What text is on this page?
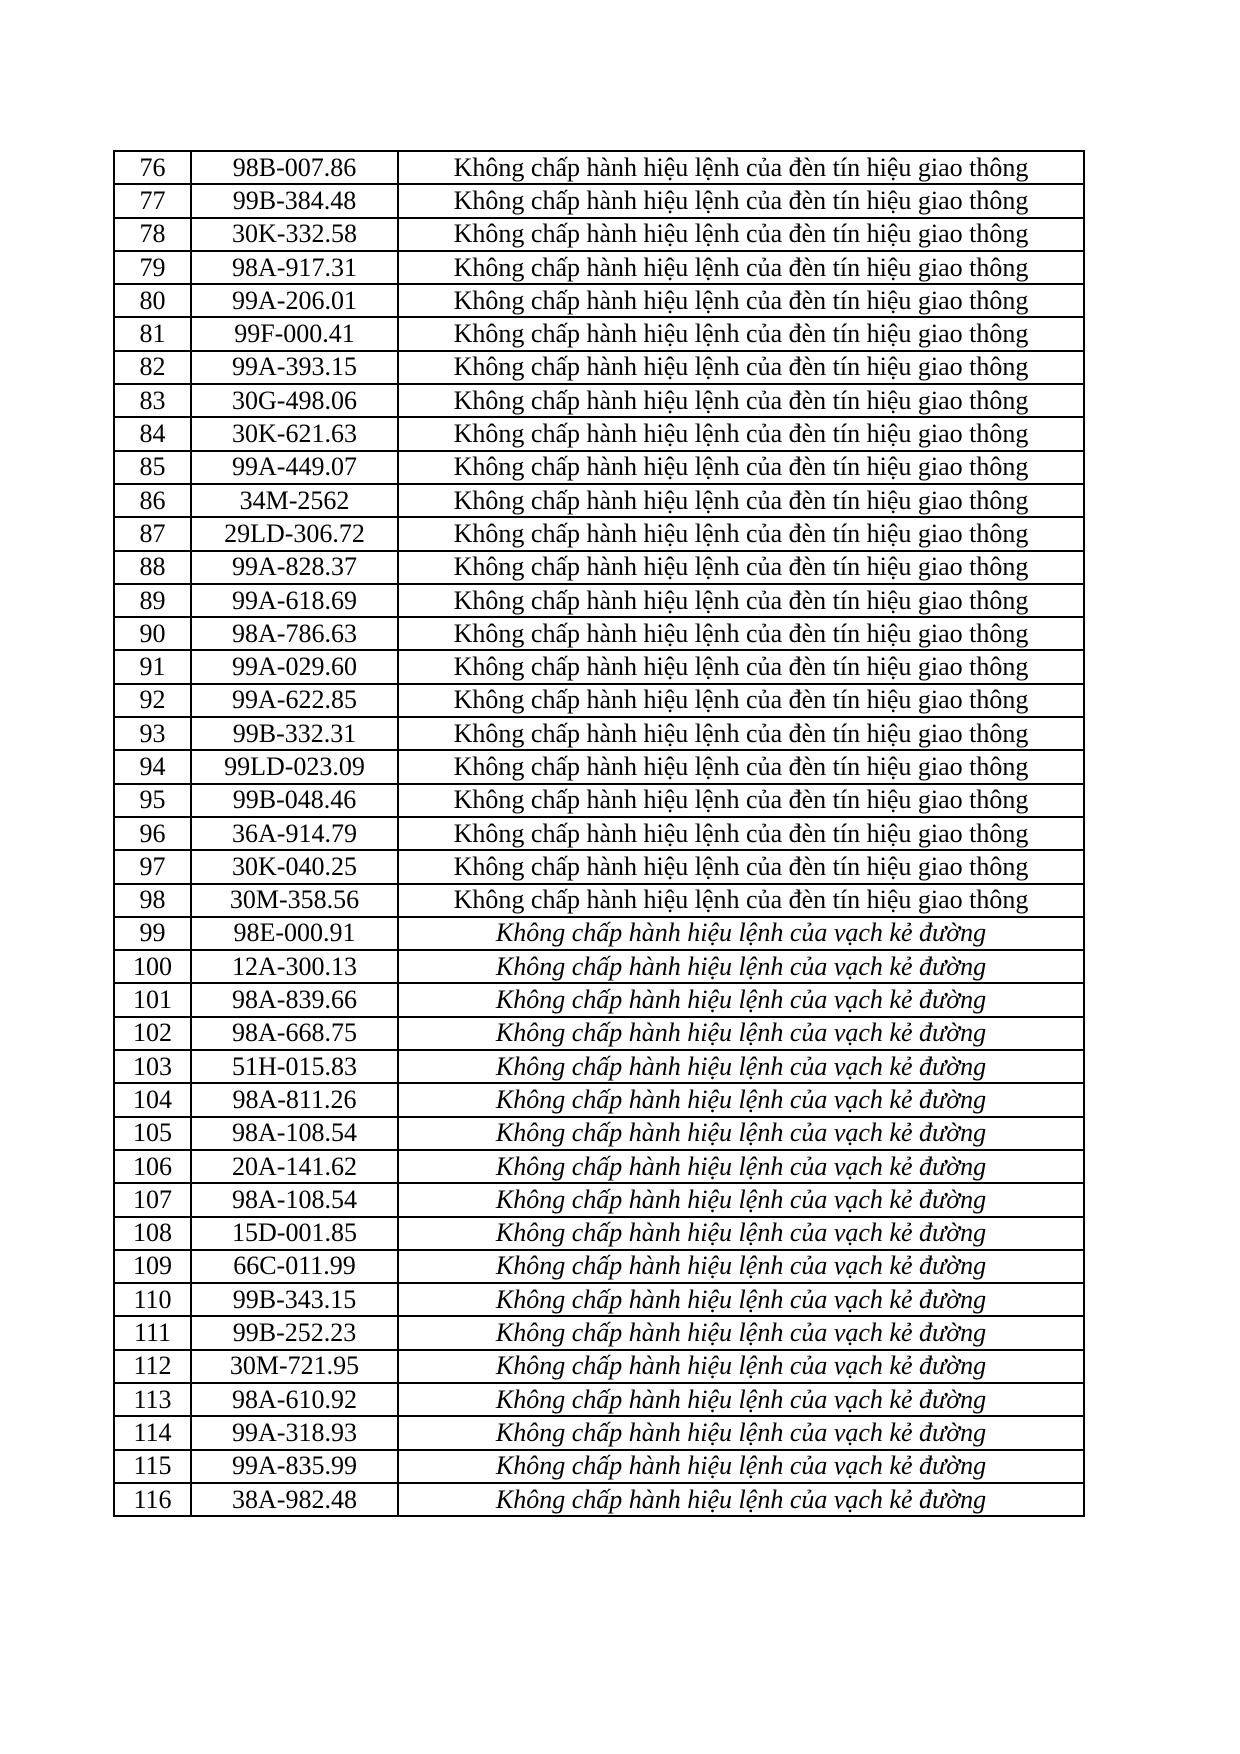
76	98B-007.86	Không chấp hành hiệu lệnh của đèn tín hiệu giao thông
77	99B-384.48	Không chấp hành hiệu lệnh của đèn tín hiệu giao thông
78	30K-332.58	Không chấp hành hiệu lệnh của đèn tín hiệu giao thông
79	98A-917.31	Không chấp hành hiệu lệnh của đèn tín hiệu giao thông
80	99A-206.01	Không chấp hành hiệu lệnh của đèn tín hiệu giao thông
81	99F-000.41	Không chấp hành hiệu lệnh của đèn tín hiệu giao thông
82	99A-393.15	Không chấp hành hiệu lệnh của đèn tín hiệu giao thông
83	30G-498.06	Không chấp hành hiệu lệnh của đèn tín hiệu giao thông
84	30K-621.63	Không chấp hành hiệu lệnh của đèn tín hiệu giao thông
85	99A-449.07	Không chấp hành hiệu lệnh của đèn tín hiệu giao thông
86	34M-2562	Không chấp hành hiệu lệnh của đèn tín hiệu giao thông
87	29LD-306.72	Không chấp hành hiệu lệnh của đèn tín hiệu giao thông
88	99A-828.37	Không chấp hành hiệu lệnh của đèn tín hiệu giao thông
89	99A-618.69	Không chấp hành hiệu lệnh của đèn tín hiệu giao thông
90	98A-786.63	Không chấp hành hiệu lệnh của đèn tín hiệu giao thông
91	99A-029.60	Không chấp hành hiệu lệnh của đèn tín hiệu giao thông
92	99A-622.85	Không chấp hành hiệu lệnh của đèn tín hiệu giao thông
93	99B-332.31	Không chấp hành hiệu lệnh của đèn tín hiệu giao thông
94	99LD-023.09	Không chấp hành hiệu lệnh của đèn tín hiệu giao thông
95	99B-048.46	Không chấp hành hiệu lệnh của đèn tín hiệu giao thông
96	36A-914.79	Không chấp hành hiệu lệnh của đèn tín hiệu giao thông
97	30K-040.25	Không chấp hành hiệu lệnh của đèn tín hiệu giao thông
98	30M-358.56	Không chấp hành hiệu lệnh của đèn tín hiệu giao thông
99	98E-000.91	Không chấp hành hiệu lệnh của vạch kẻ đường
100	12A-300.13	Không chấp hành hiệu lệnh của vạch kẻ đường
101	98A-839.66	Không chấp hành hiệu lệnh của vạch kẻ đường
102	98A-668.75	Không chấp hành hiệu lệnh của vạch kẻ đường
103	51H-015.83	Không chấp hành hiệu lệnh của vạch kẻ đường
104	98A-811.26	Không chấp hành hiệu lệnh của vạch kẻ đường
105	98A-108.54	Không chấp hành hiệu lệnh của vạch kẻ đường
106	20A-141.62	Không chấp hành hiệu lệnh của vạch kẻ đường
107	98A-108.54	Không chấp hành hiệu lệnh của vạch kẻ đường
108	15D-001.85	Không chấp hành hiệu lệnh của vạch kẻ đường
109	66C-011.99	Không chấp hành hiệu lệnh của vạch kẻ đường
110	99B-343.15	Không chấp hành hiệu lệnh của vạch kẻ đường
111	99B-252.23	Không chấp hành hiệu lệnh của vạch kẻ đường
112	30M-721.95	Không chấp hành hiệu lệnh của vạch kẻ đường
113	98A-610.92	Không chấp hành hiệu lệnh của vạch kẻ đường
114	99A-318.93	Không chấp hành hiệu lệnh của vạch kẻ đường
115	99A-835.99	Không chấp hành hiệu lệnh của vạch kẻ đường
116	38A-982.48	Không chấp hành hiệu lệnh của vạch kẻ đường
